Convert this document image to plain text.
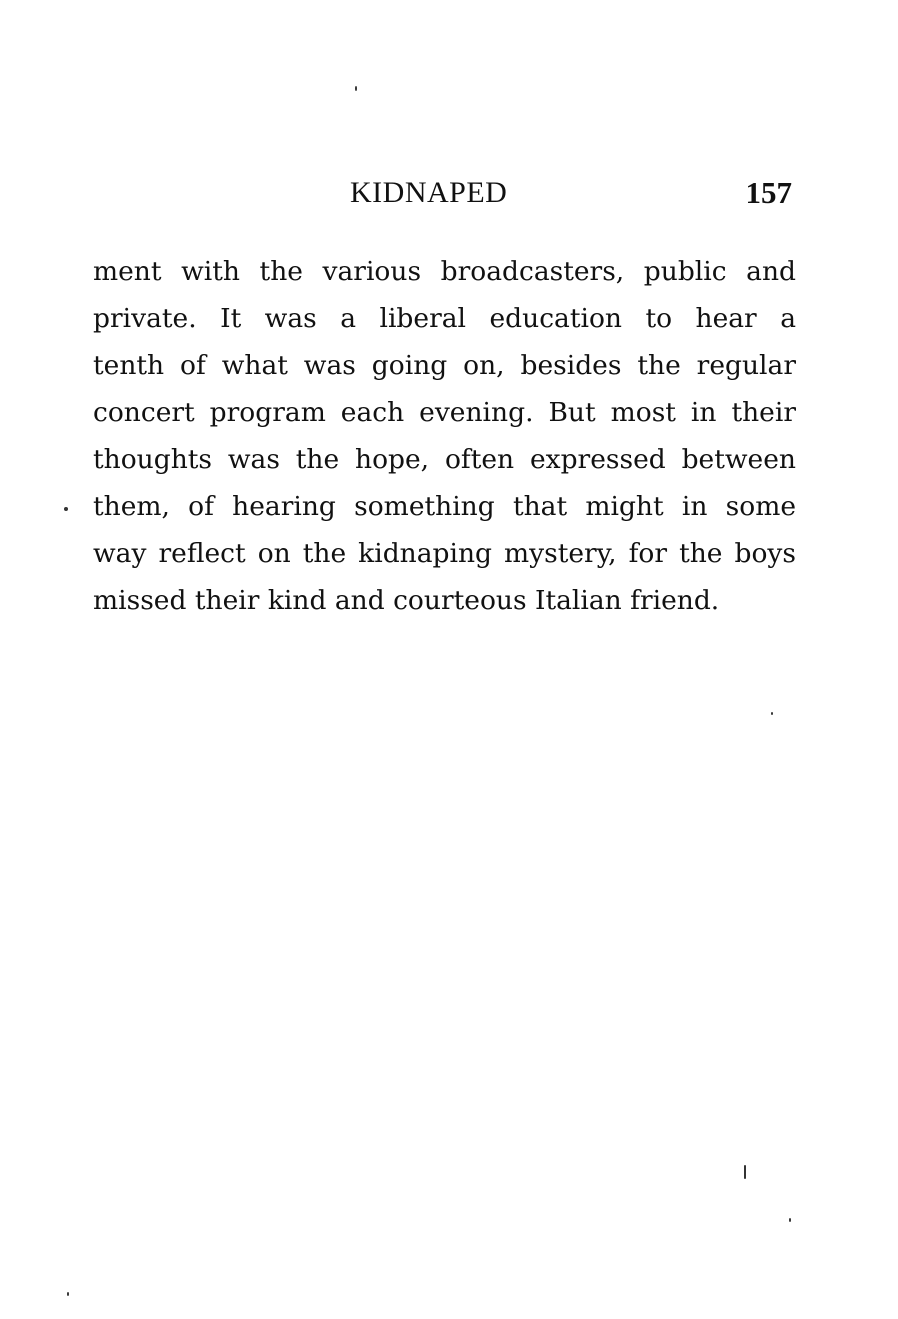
KIDNAPED	157
ment with the various broadcasters, public and
private. It was a liberal education to hear a
tenth of what was going on, besides the regular
concert program each evening. But most in their
thoughts was the hope, often expressed between
them, of hearing something that might in some
way reflect on the kidnaping mystery, for the boys
missed their kind and courteous Italian friend.
